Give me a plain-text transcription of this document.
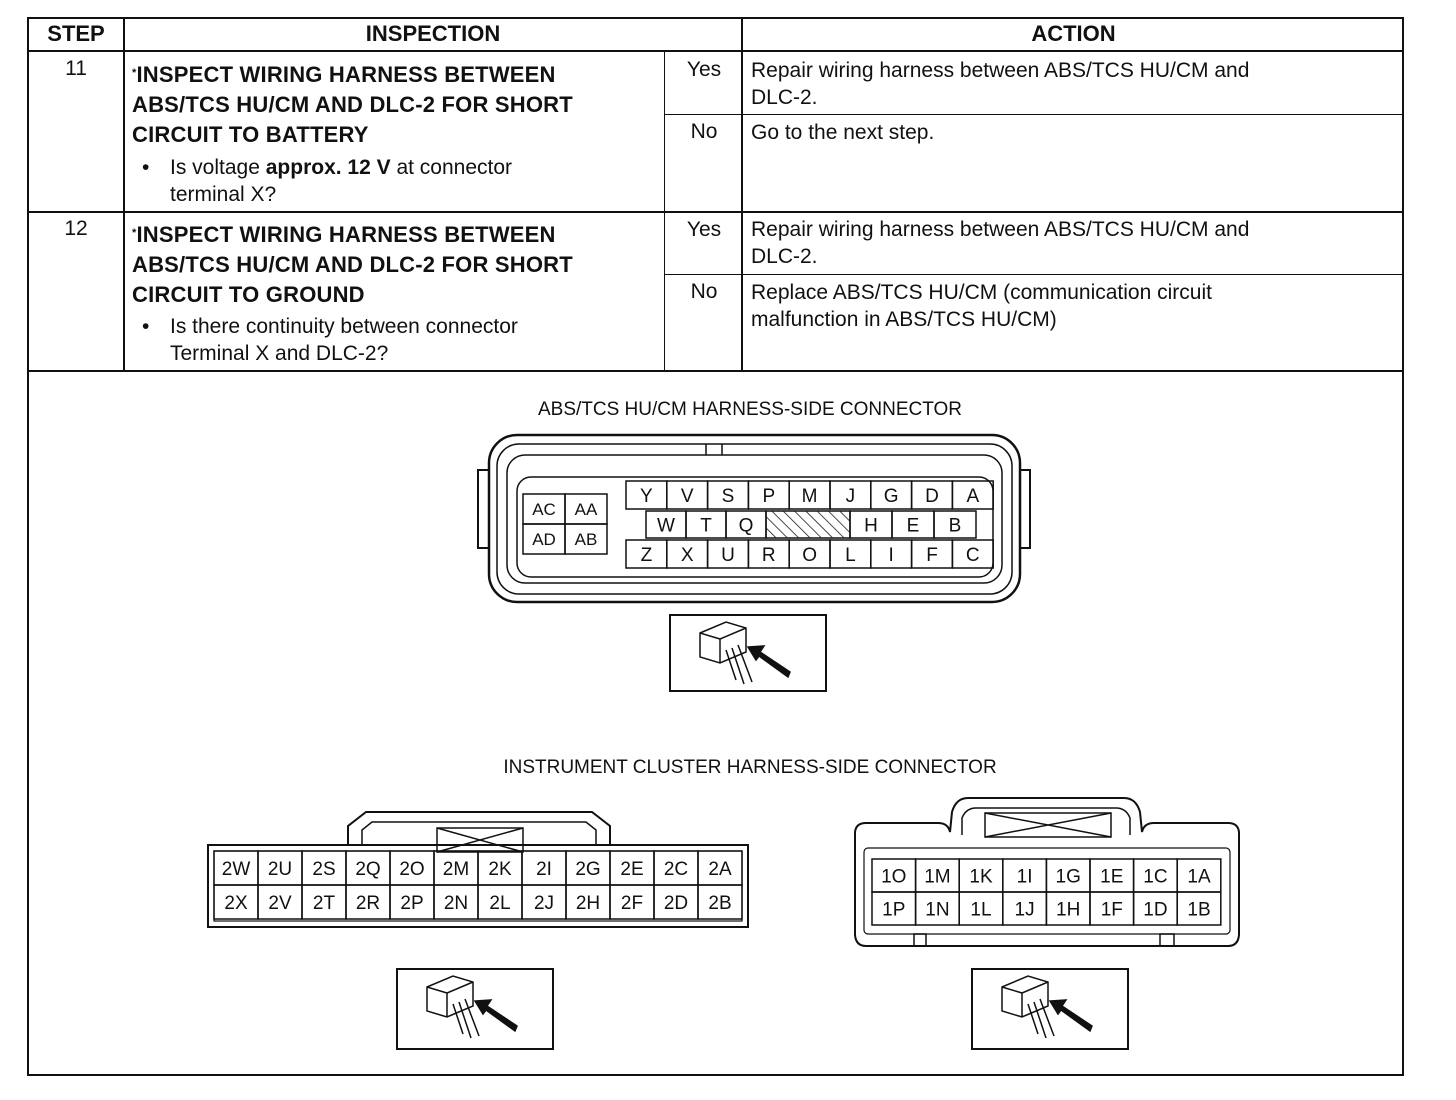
STEP	INSPECTION	ACTION
11	*INSPECT WIRING HARNESS BETWEEN
ABS/TCS HU/CM AND DLC-2 FOR SHORT
CIRCUIT TO BATTERY
• Is voltage approx. 12 V at connector
terminal X?
Yes	Repair wiring harness between ABS/TCS HU/CM and
DLC-2.
No	Go to the next step.
12	*INSPECT WIRING HARNESS BETWEEN
ABS/TCS HU/CM AND DLC-2 FOR SHORT
CIRCUIT TO GROUND
• Is there continuity between connector
Terminal X and DLC-2?
Yes	Repair wiring harness between ABS/TCS HU/CM and
DLC-2.
No	Replace ABS/TCS HU/CM (communication circuit
malfunction in ABS/TCS HU/CM)
ABS/TCS HU/CM HARNESS-SIDE CONNECTOR
INSTRUMENT CLUSTER HARNESS-SIDE CONNECTOR
AC AA
AD AB
Y V S P M J G D A
W T Q	H E B
Z X U R O L I F C
2W 2U 2S 2Q 2O 2M 2K 2I 2G 2E 2C 2A
2X 2V 2T 2R 2P 2N 2L 2J 2H 2F 2D 2B
1O 1M 1K 1I 1G 1E 1C 1A
1P 1N 1L 1J 1H 1F 1D 1B
